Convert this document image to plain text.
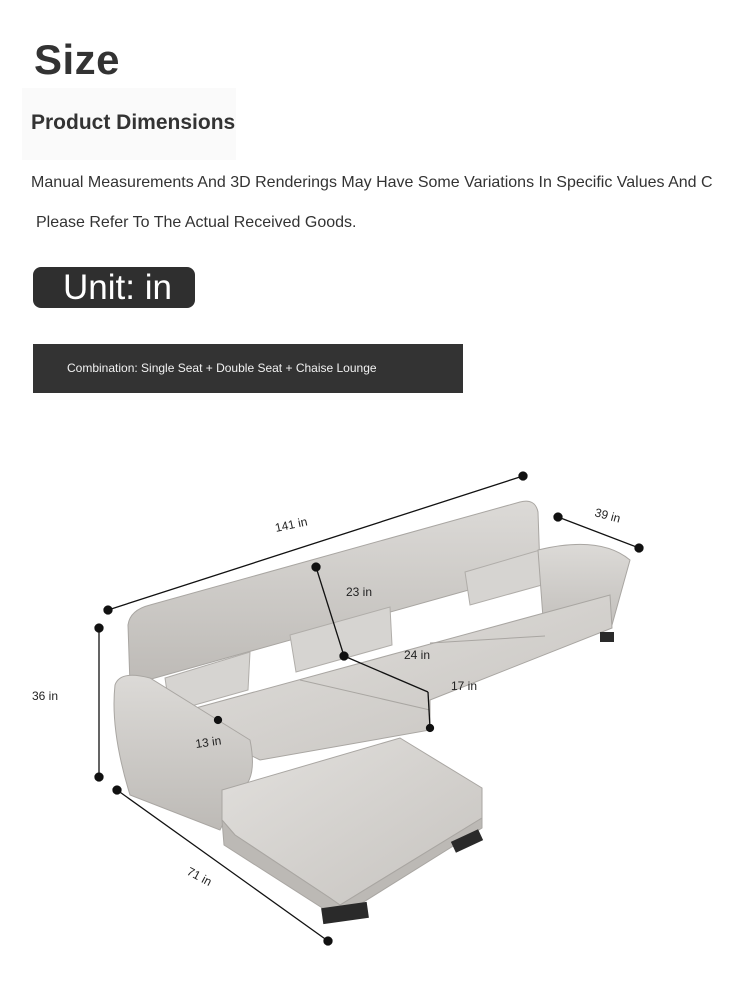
Size
Product Dimensions
Manual Measurements And 3D Renderings May Have Some Variations In Specific Values And C
Please Refer To The Actual Received Goods.
Unit: in
Combination: Single Seat + Double Seat + Chaise Lounge
141 in	39 in
23 in
24 in
17 in
36 in
13 in
71 in
